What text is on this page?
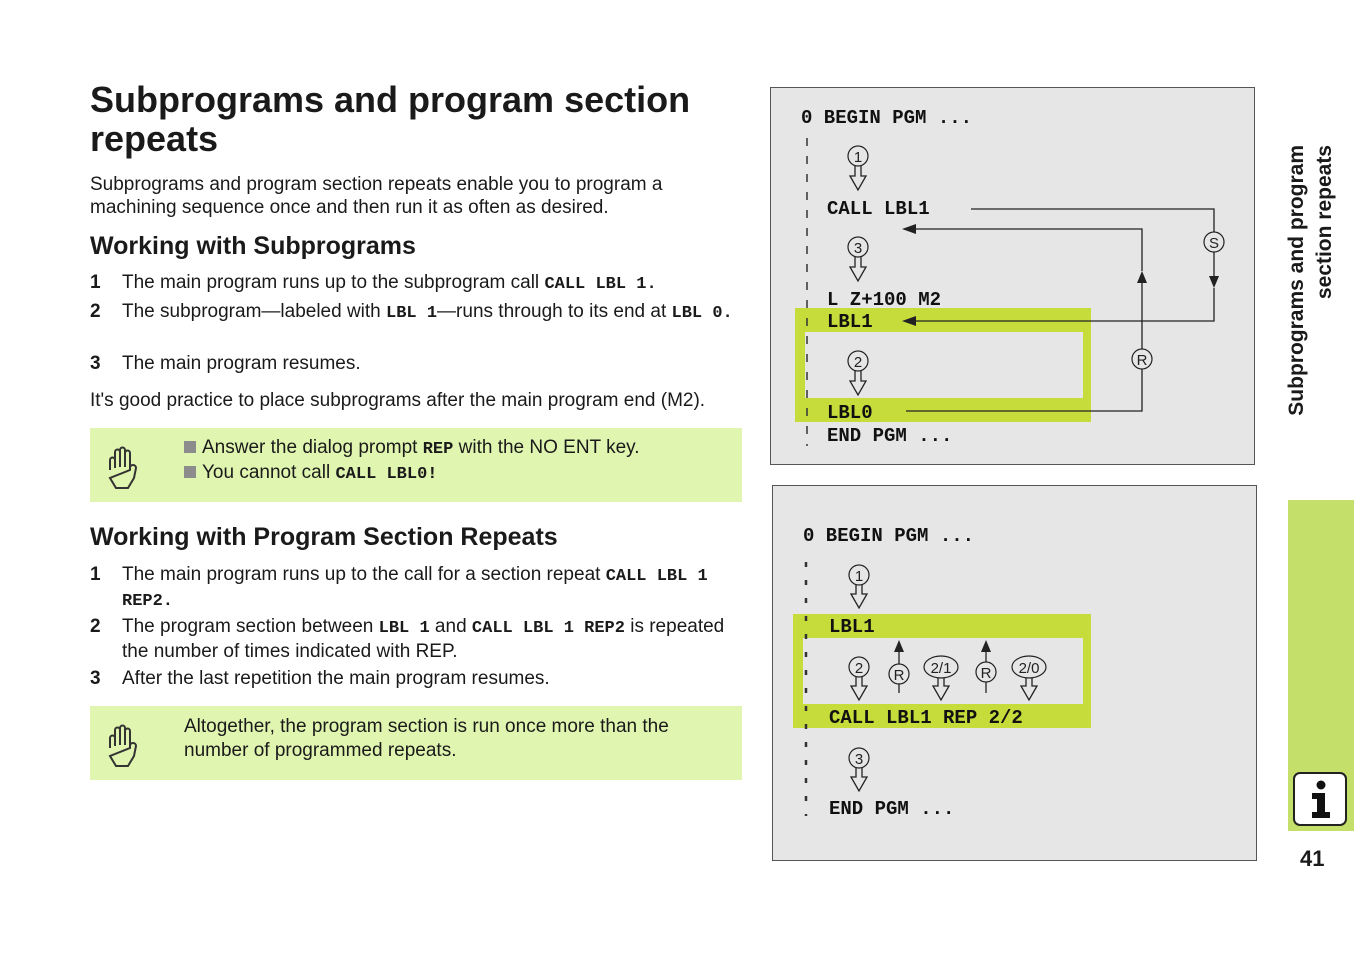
Subprograms and program section repeats
Subprograms and program section repeats enable you to program a machining sequence once and then run it as often as desired.
Working with Subprograms
1 The main program runs up to the subprogram call CALL LBL 1.
2 The subprogram—labeled with LBL 1—runs through to its end at LBL 0.
3 The main program resumes.
It's good practice to place subprograms after the main program end (M2).
Answer the dialog prompt REP with the NO ENT key.
You cannot call CALL LBL0!
Working with Program Section Repeats
1 The main program runs up to the call for a section repeat CALL LBL 1 REP2.
2 The program section between LBL 1 and CALL LBL 1 REP2 is repeated the number of times indicated with REP.
3 After the last repetition the main program resumes.
Altogether, the program section is run once more than the number of programmed repeats.
0 BEGIN PGM ...
CALL LBL1
L Z+100 M2
LBL1
LBL0
END PGM ...
1
3
2
S
R
0 BEGIN PGM ...
LBL1
CALL LBL1 REP 2/2
END PGM ...
1
2 R 2/1 R 2/0
3
Subprograms and program section repeats
41
